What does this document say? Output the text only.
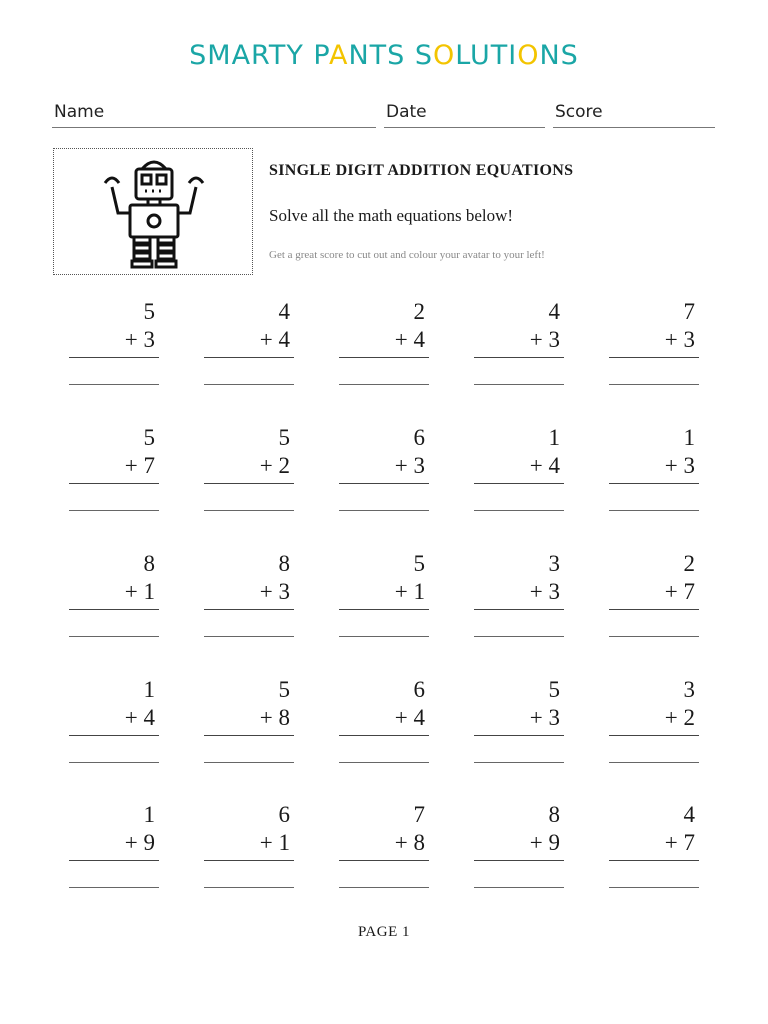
SMARTY PANTS SOLUTIONS
Name	Date	Score
SINGLE DIGIT ADDITION EQUATIONS
Solve all the math equations below!
Get a great score to cut out and colour your avatar to your left!
5
+ 3
4
+ 4
2
+ 4
4
+ 3
7
+ 3
5
+ 7
5
+ 2
6
+ 3
1
+ 4
1
+ 3
8
+ 1
8
+ 3
5
+ 1
3
+ 3
2
+ 7
1
+ 4
5
+ 8
6
+ 4
5
+ 3
3
+ 2
1
+ 9
6
+ 1
7
+ 8
8
+ 9
4
+ 7
PAGE 1
